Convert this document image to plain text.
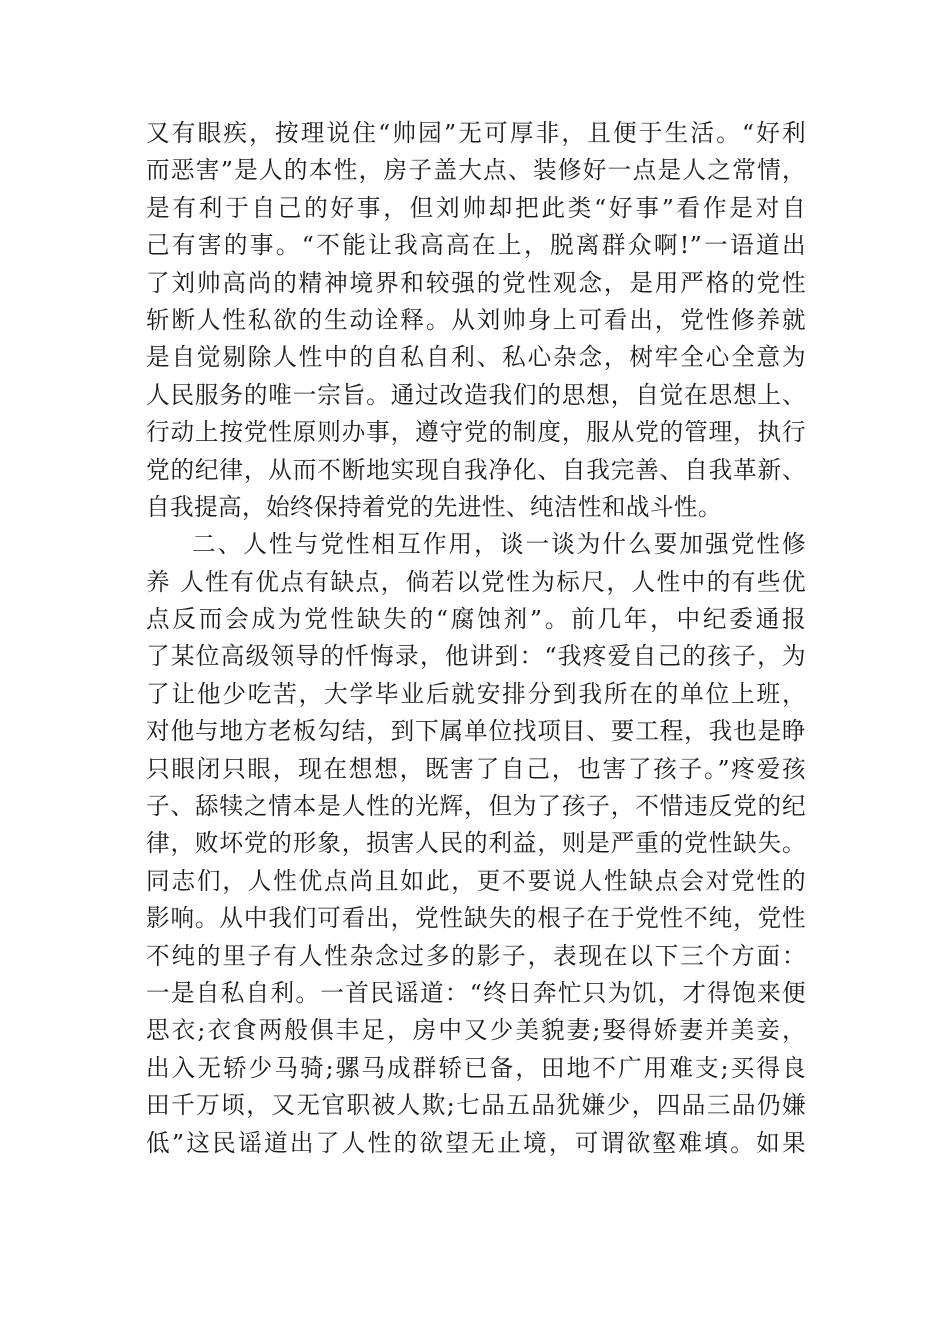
又有眼疾，按理说住“帅园”无可厚非，且便于生活。“好利
而恶害”是人的本性，房子盖大点、装修好一点是人之常情，
是有利于自己的好事，但刘帅却把此类“好事”看作是对自
己有害的事。“不能让我高高在上，脱离群众啊!”一语道出
了刘帅高尚的精神境界和较强的党性观念，是用严格的党性
斩断人性私欲的生动诠释。从刘帅身上可看出，党性修养就
是自觉剔除人性中的自私自利、私心杂念，树牢全心全意为
人民服务的唯一宗旨。通过改造我们的思想，自觉在思想上、
行动上按党性原则办事，遵守党的制度，服从党的管理，执行
党的纪律，从而不断地实现自我净化、自我完善、自我革新、
自我提高，始终保持着党的先进性、纯洁性和战斗性。
二、人性与党性相互作用，谈一谈为什么要加强党性修
养 人性有优点有缺点，倘若以党性为标尺，人性中的有些优
点反而会成为党性缺失的“腐蚀剂”。前几年，中纪委通报
了某位高级领导的忏悔录，他讲到：“我疼爱自己的孩子，为
了让他少吃苦，大学毕业后就安排分到我所在的单位上班，
对他与地方老板勾结，到下属单位找项目、要工程，我也是睁
只眼闭只眼，现在想想，既害了自己，也害了孩子。”疼爱孩
子、舔犊之情本是人性的光辉，但为了孩子，不惜违反党的纪
律，败坏党的形象，损害人民的利益，则是严重的党性缺失。
同志们，人性优点尚且如此，更不要说人性缺点会对党性的
影响。从中我们可看出，党性缺失的根子在于党性不纯，党性
不纯的里子有人性杂念过多的影子，表现在以下三个方面：
一是自私自利。一首民谣道：“终日奔忙只为饥，才得饱来便
思衣;衣食两般俱丰足，房中又少美貌妻;娶得娇妻并美妾，
出入无轿少马骑;骡马成群轿已备，田地不广用难支;买得良
田千万顷，又无官职被人欺;七品五品犹嫌少，四品三品仍嫌
低”这民谣道出了人性的欲望无止境，可谓欲壑难填。如果
